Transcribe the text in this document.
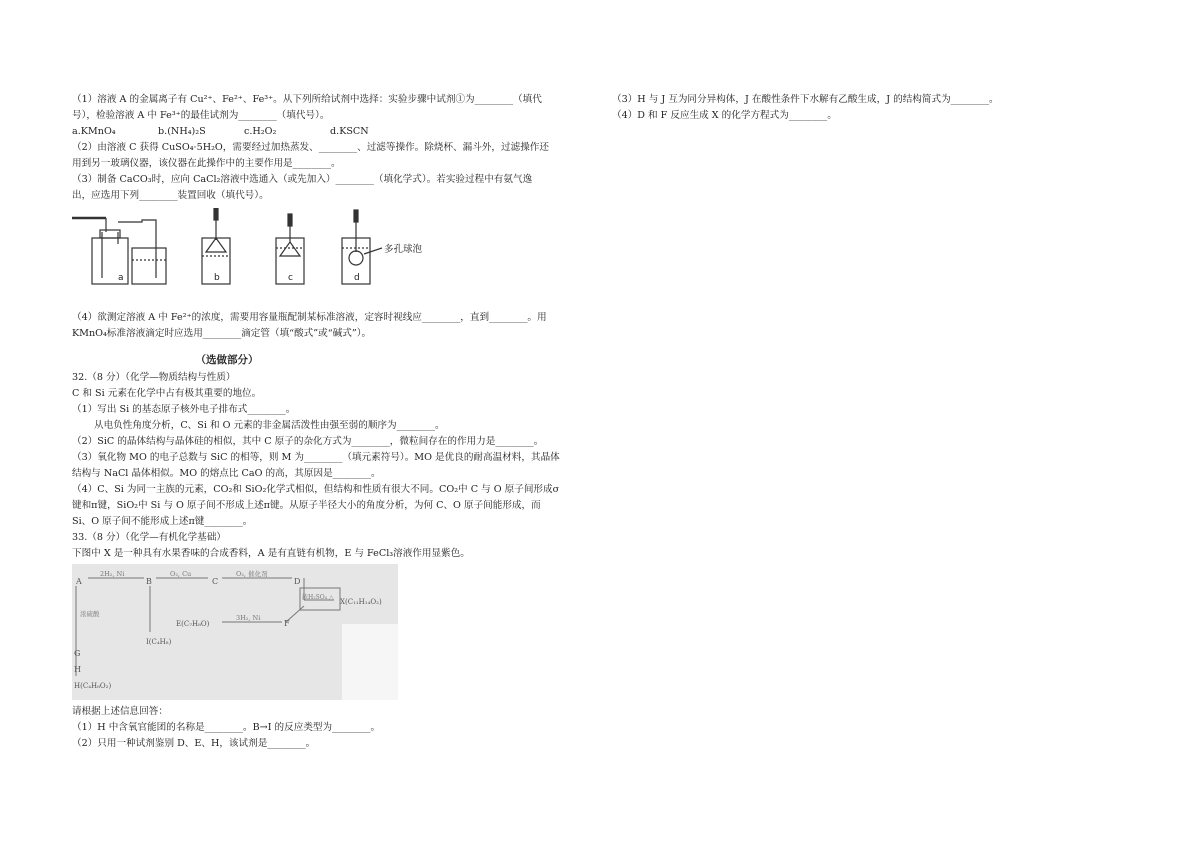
（1）溶液 A 的金属离子有 Cu²⁺、Fe²⁺、Fe³⁺。从下列所给试剂中选择：实验步骤中试剂①为________（填代
号），检验溶液 A 中 Fe³⁺的最佳试剂为________（填代号）。
a.KMnO₄	b.(NH₄)₂S	c.H₂O₂	d.KSCN
（2）由溶液 C 获得 CuSO₄·5H₂O，需要经过加热蒸发、________、过滤等操作。除烧杯、漏斗外，过滤操作还
用到另一玻璃仪器，该仪器在此操作中的主要作用是________。
（3）制备 CaCO₃时，应向 CaCl₂溶液中选通入（或先加入）________（填化学式）。若实验过程中有氨气逸
出，应选用下列________装置回收（填代号）。
a	b	c	d
多孔球泡
（4）欲测定溶液 A 中 Fe²⁺的浓度，需要用容量瓶配制某标准溶液，定容时视线应________，直到________。用
KMnO₄标准溶液滴定时应选用________滴定管（填“酸式”或“碱式”）。
（选做部分）
32.（8 分）（化学—物质结构与性质）
C 和 Si 元素在化学中占有极其重要的地位。
（1）写出 Si 的基态原子核外电子排布式________。
从电负性角度分析，C、Si 和 O 元素的非金属活泼性由强至弱的顺序为________。
（2）SiC 的晶体结构与晶体硅的相似，其中 C 原子的杂化方式为________，微粒间存在的作用力是________。
（3）氧化物 MO 的电子总数与 SiC 的相等，则 M 为________（填元素符号）。MO 是优良的耐高温材料，其晶体
结构与 NaCl 晶体相似。MO 的熔点比 CaO 的高，其原因是________。
（4）C、Si 为同一主族的元素，CO₂和 SiO₂化学式相似，但结构和性质有很大不同。CO₂中 C 与 O 原子间形成σ
键和π键，SiO₂中 Si 与 O 原子间不形成上述π键。从原子半径大小的角度分析，为何 C、O 原子间能形成，而
Si、O 原子间不能形成上述π键________。
33.（8 分）（化学—有机化学基础）
下图中 X 是一种具有水果香味的合成香料，A 是有直链有机物，E 与 FeCl₃溶液作用显紫色。
A	B	C	D
E(C₇H₈O)	F
G
H
I(C₄H₈)
H(C₄H₈O₂)
X(C₁₁H₁₄O₂)
2H₂, Ni	O₂, Cu	O₂, 催化剂
浓硫酸
浓H₂SO₄ △
3H₂, Ni
请根据上述信息回答：
（1）H 中含氧官能团的名称是________。B→I 的反应类型为________。
（2）只用一种试剂鉴别 D、E、H，该试剂是________。
（3）H 与 J 互为同分异构体，J 在酸性条件下水解有乙酸生成，J 的结构简式为________。
（4）D 和 F 反应生成 X 的化学方程式为________。
